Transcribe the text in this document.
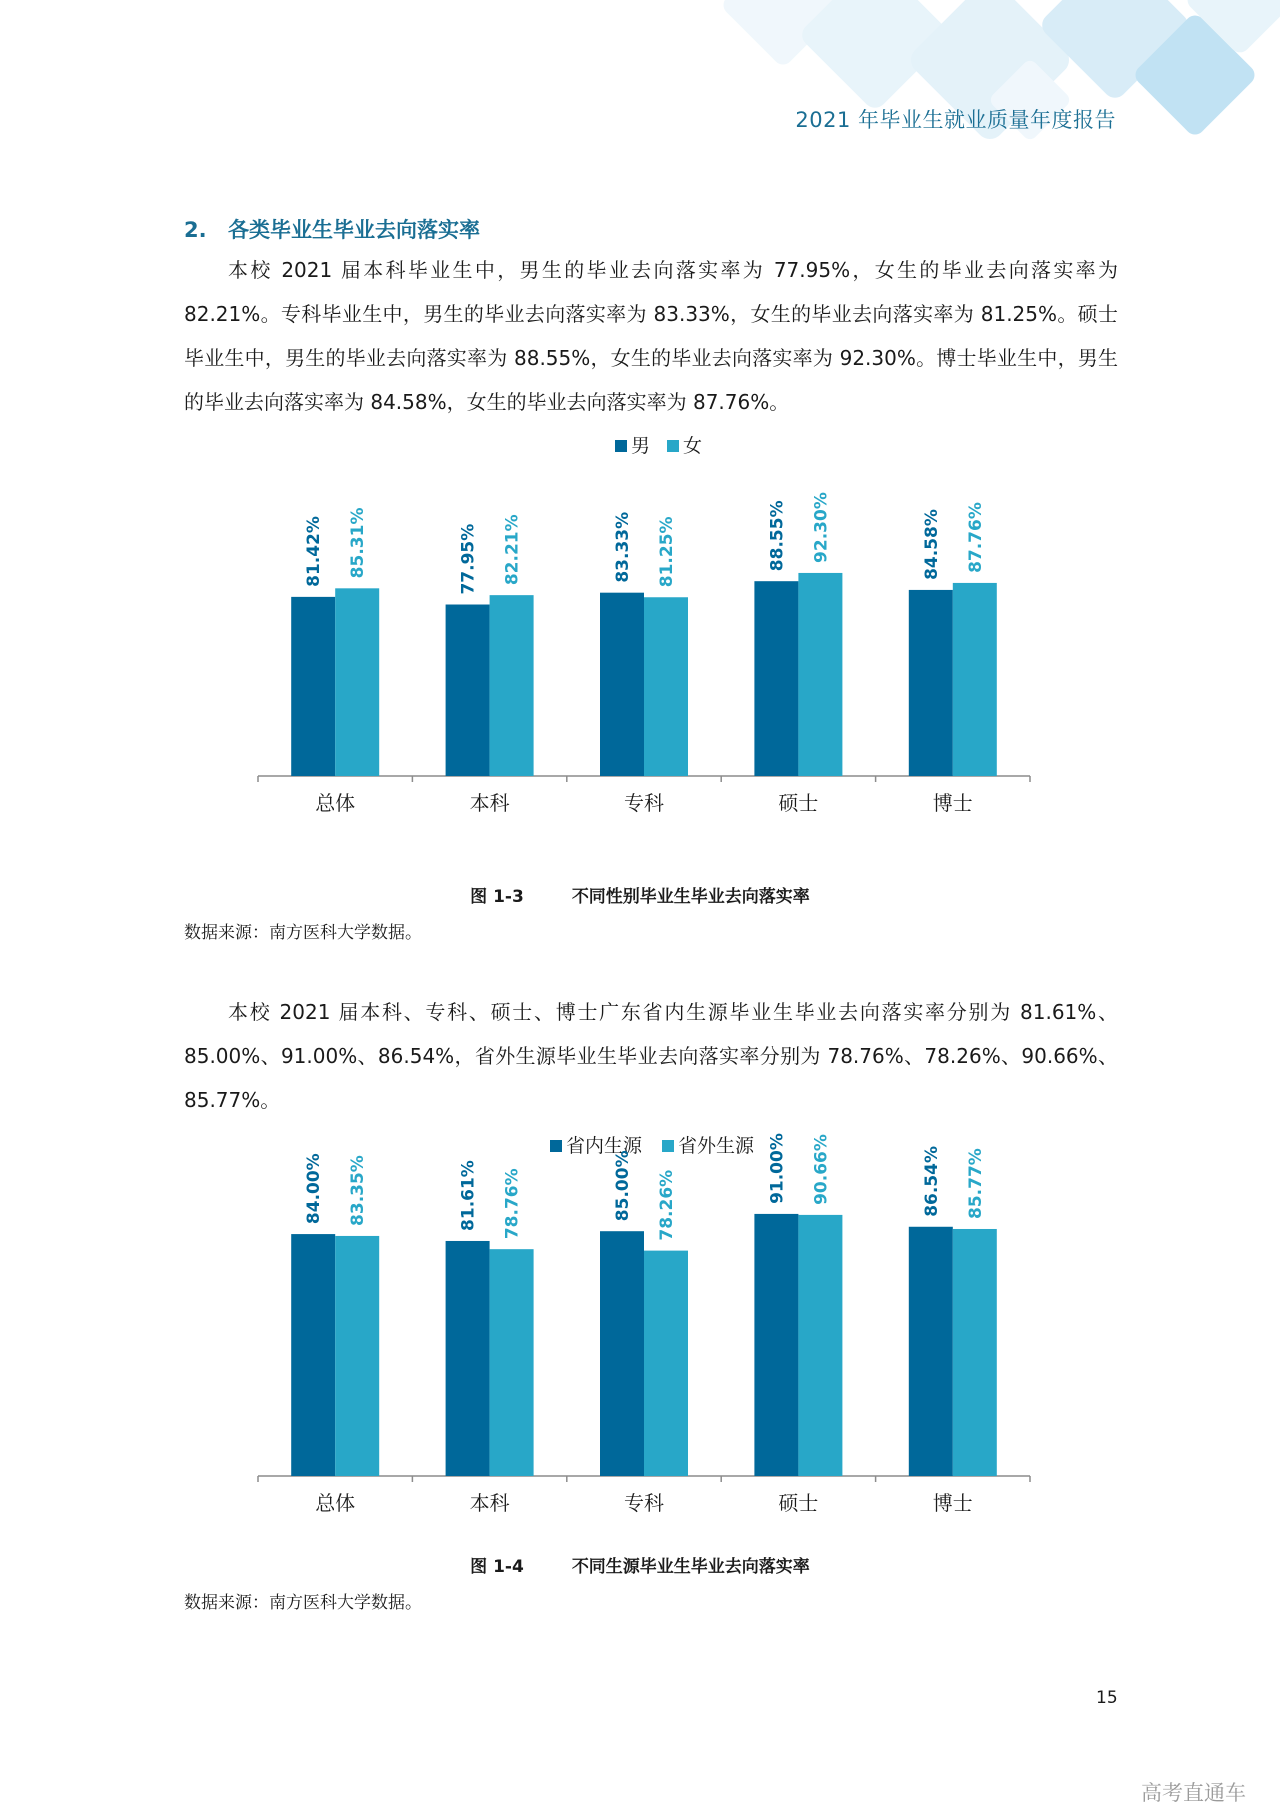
2021 年毕业生就业质量年度报告
2. 各类毕业生毕业去向落实率

本校 2021 届本科毕业生中，男生的毕业去向落实率为 77.95%，女生的毕业去向落实率为 82.21%。专科毕业生中，男生的毕业去向落实率为 83.33%，女生的毕业去向落实率为 81.25%。硕士毕业生中，男生的毕业去向落实率为 88.55%，女生的毕业去向落实率为 92.30%。博士毕业生中，男生的毕业去向落实率为 84.58%，女生的毕业去向落实率为 87.76%。

男 女
81.42% 85.31%
总体
77.95% 82.21%
本科
83.33% 81.25%
专科
88.55% 92.30%
硕士
84.58% 87.76%
博士
图 1-3	不同性别毕业生毕业去向落实率
数据来源：南方医科大学数据。

本校 2021 届本科、专科、硕士、博士广东省内生源毕业生毕业去向落实率分别为 81.61%、85.00%、91.00%、86.54%，省外生源毕业生毕业去向落实率分别为 78.76%、78.26%、90.66%、85.77%。

省内生源 省外生源
84.00% 83.35%
总体
81.61% 78.76%
本科
85.00% 78.26%
专科
91.00% 90.66%
硕士
86.54% 85.77%
博士
图 1-4	不同生源毕业生毕业去向落实率
数据来源：南方医科大学数据。
15
高考直通车
